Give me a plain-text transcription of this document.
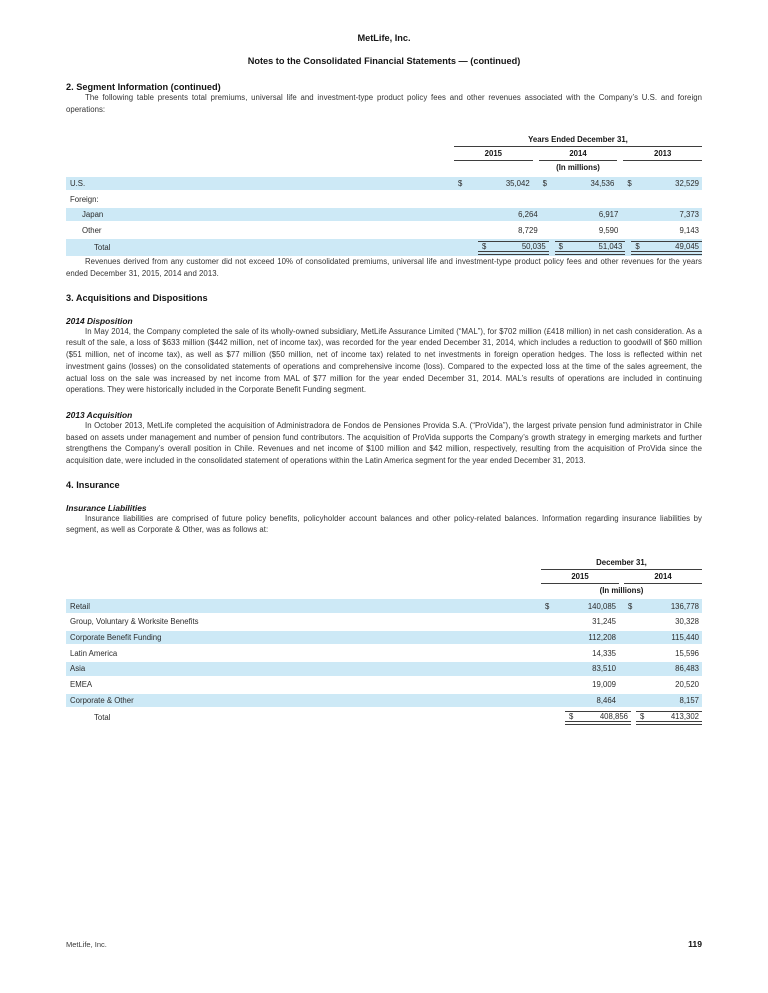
MetLife, Inc.
Notes to the Consolidated Financial Statements — (continued)
2. Segment Information (continued)

The following table presents total premiums, universal life and investment-type product policy fees and other revenues associated with the Company’s U.S. and foreign operations:

Years Ended December 31,
2015	2014	2013
(In millions)
U.S.	$	35,042 $	34,536 $	32,529
Foreign:
Japan	6,264	6,917	7,373
Other	8,729	9,590	9,143
Total	$	50,035 $	51,043 $	49,045

Revenues derived from any customer did not exceed 10% of consolidated premiums, universal life and investment-type product policy fees and other revenues for the years ended December 31, 2015, 2014 and 2013.

3. Acquisitions and Dispositions
2014 Disposition

In May 2014, the Company completed the sale of its wholly-owned subsidiary, MetLife Assurance Limited (“MAL”), for $702 million (£418 million) in net cash consideration. As a result of the sale, a loss of $633 million ($442 million, net of income tax), was recorded for the year ended December 31, 2014, which includes a reduction to goodwill of $60 million ($51 million, net of income tax), as well as $77 million ($50 million, net of income tax) related to net investments in foreign operation hedges. The loss is reflected within net investment gains (losses) on the consolidated statements of operations and comprehensive income (loss). Compared to the expected loss at the time of the sales agreement, the actual loss on the sale was increased by net income from MAL of $77 million for the year ended December 31, 2014. MAL’s results of operations are included in continuing operations. They were historically included in the Corporate Benefit Funding segment.

2013 Acquisition

In October 2013, MetLife completed the acquisition of Administradora de Fondos de Pensiones Provida S.A. (“ProVida”), the largest private pension fund administrator in Chile based on assets under management and number of pension fund contributors. The acquisition of ProVida supports the Company’s growth strategy in emerging markets and further strengthens the Company’s overall position in Chile. Revenues and net income of $100 million and $42 million, respectively, resulting from the acquisition of ProVida since the acquisition date, were included in the consolidated statement of operations within the Latin America segment for the year ended December 31, 2013.

4. Insurance
Insurance Liabilities

Insurance liabilities are comprised of future policy benefits, policyholder account balances and other policy-related balances. Information regarding insurance liabilities by segment, as well as Corporate & Other, was as follows at:

December 31,
2015	2014
(In millions)
Retail	$	140,085 $	136,778
Group, Voluntary & Worksite Benefits	31,245	30,328
Corporate Benefit Funding	112,208	115,440
Latin America	14,335	15,596
Asia	83,510	86,483
EMEA	19,009	20,520
Corporate & Other	8,464	8,157
Total	$	408,856 $	413,302
MetLife, Inc.	119
